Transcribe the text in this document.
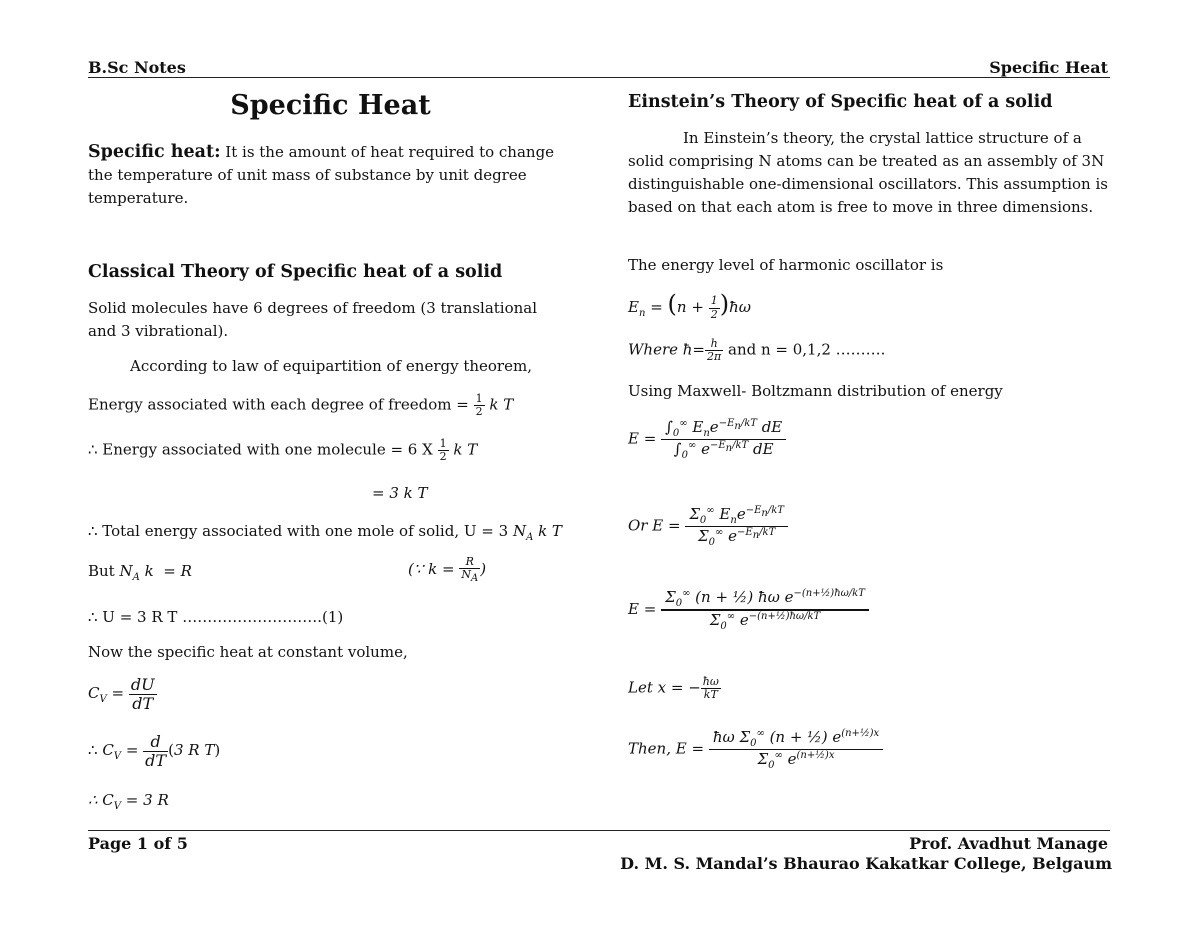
B.Sc Notes	Specific Heat
Specific Heat
Specific heat: It is the amount of heat required to change the temperature of unit mass of substance by unit degree temperature.
Classical Theory of Specific heat of a solid
Solid molecules have 6 degrees of freedom (3 translational and 3 vibrational).
According to law of equipartition of energy theorem,
Energy associated with each degree of freedom = $\frac{1}{2}$ k T
∴ Energy associated with one molecule = 6 X $\frac{1}{2}$ k T
= 3 k T
∴ Total energy associated with one mole of solid, U = 3 $N_A$ k T
But $N_A$ k  = R	(∵ $k = \frac{R}{N_A}$ )
∴ U = 3 R T ……………………….(1)
Now the specific heat at constant volume,
$C_V = \frac{dU}{dT}$
∴ $C_V = \frac{d}{dT} (3$ R T)
∴ $C_V = 3$ R
Einstein’s Theory of Specific heat of a solid
In Einstein’s theory, the crystal lattice structure of a solid comprising N atoms can be treated as an assembly of 3N distinguishable one-dimensional oscillators. This assumption is based on that each atom is free to move in three dimensions.
The energy level of harmonic oscillator is
$E_n = (n + \frac{1}{2}$ )ħω
Where ħ= $\frac{h}{2\pi}$ and n = 0,1,2 ……….
Using Maxwell- Boltzmann distribution of energy
$E = \frac{\int_0^\infty E_ne^{-E_n/kT} dE}{\int_0^\infty e^{-E_n/kT} dE}$
Or $E = \frac{\Sigma_0^\infty E_ne^{-E_n/kT}}{\Sigma_0^\infty e^{-E_n/kT}}$
$E = \frac{\Sigma_0^\infty (n + \frac{1}{2}) ħ\omega e^{-(n+\frac{1}{2})ħ\omega/kT}}{\Sigma_0^\infty e^{-(n+\frac{1}{2})ħ\omega/kT}}$
Let x = − $\frac{ħ\omega}{kT}$
Then, $E = \frac{ħ\omega \Sigma_0^\infty (n + \frac{1}{2}) e^{(n+\frac{1}{2})x}}{\Sigma_0^\infty e^{(n+\frac{1}{2})x}}$
Page 1 of 5	Prof. Avadhut Manage
D. M. S. Mandal’s Bhaurao Kakatkar College, Belgaum
